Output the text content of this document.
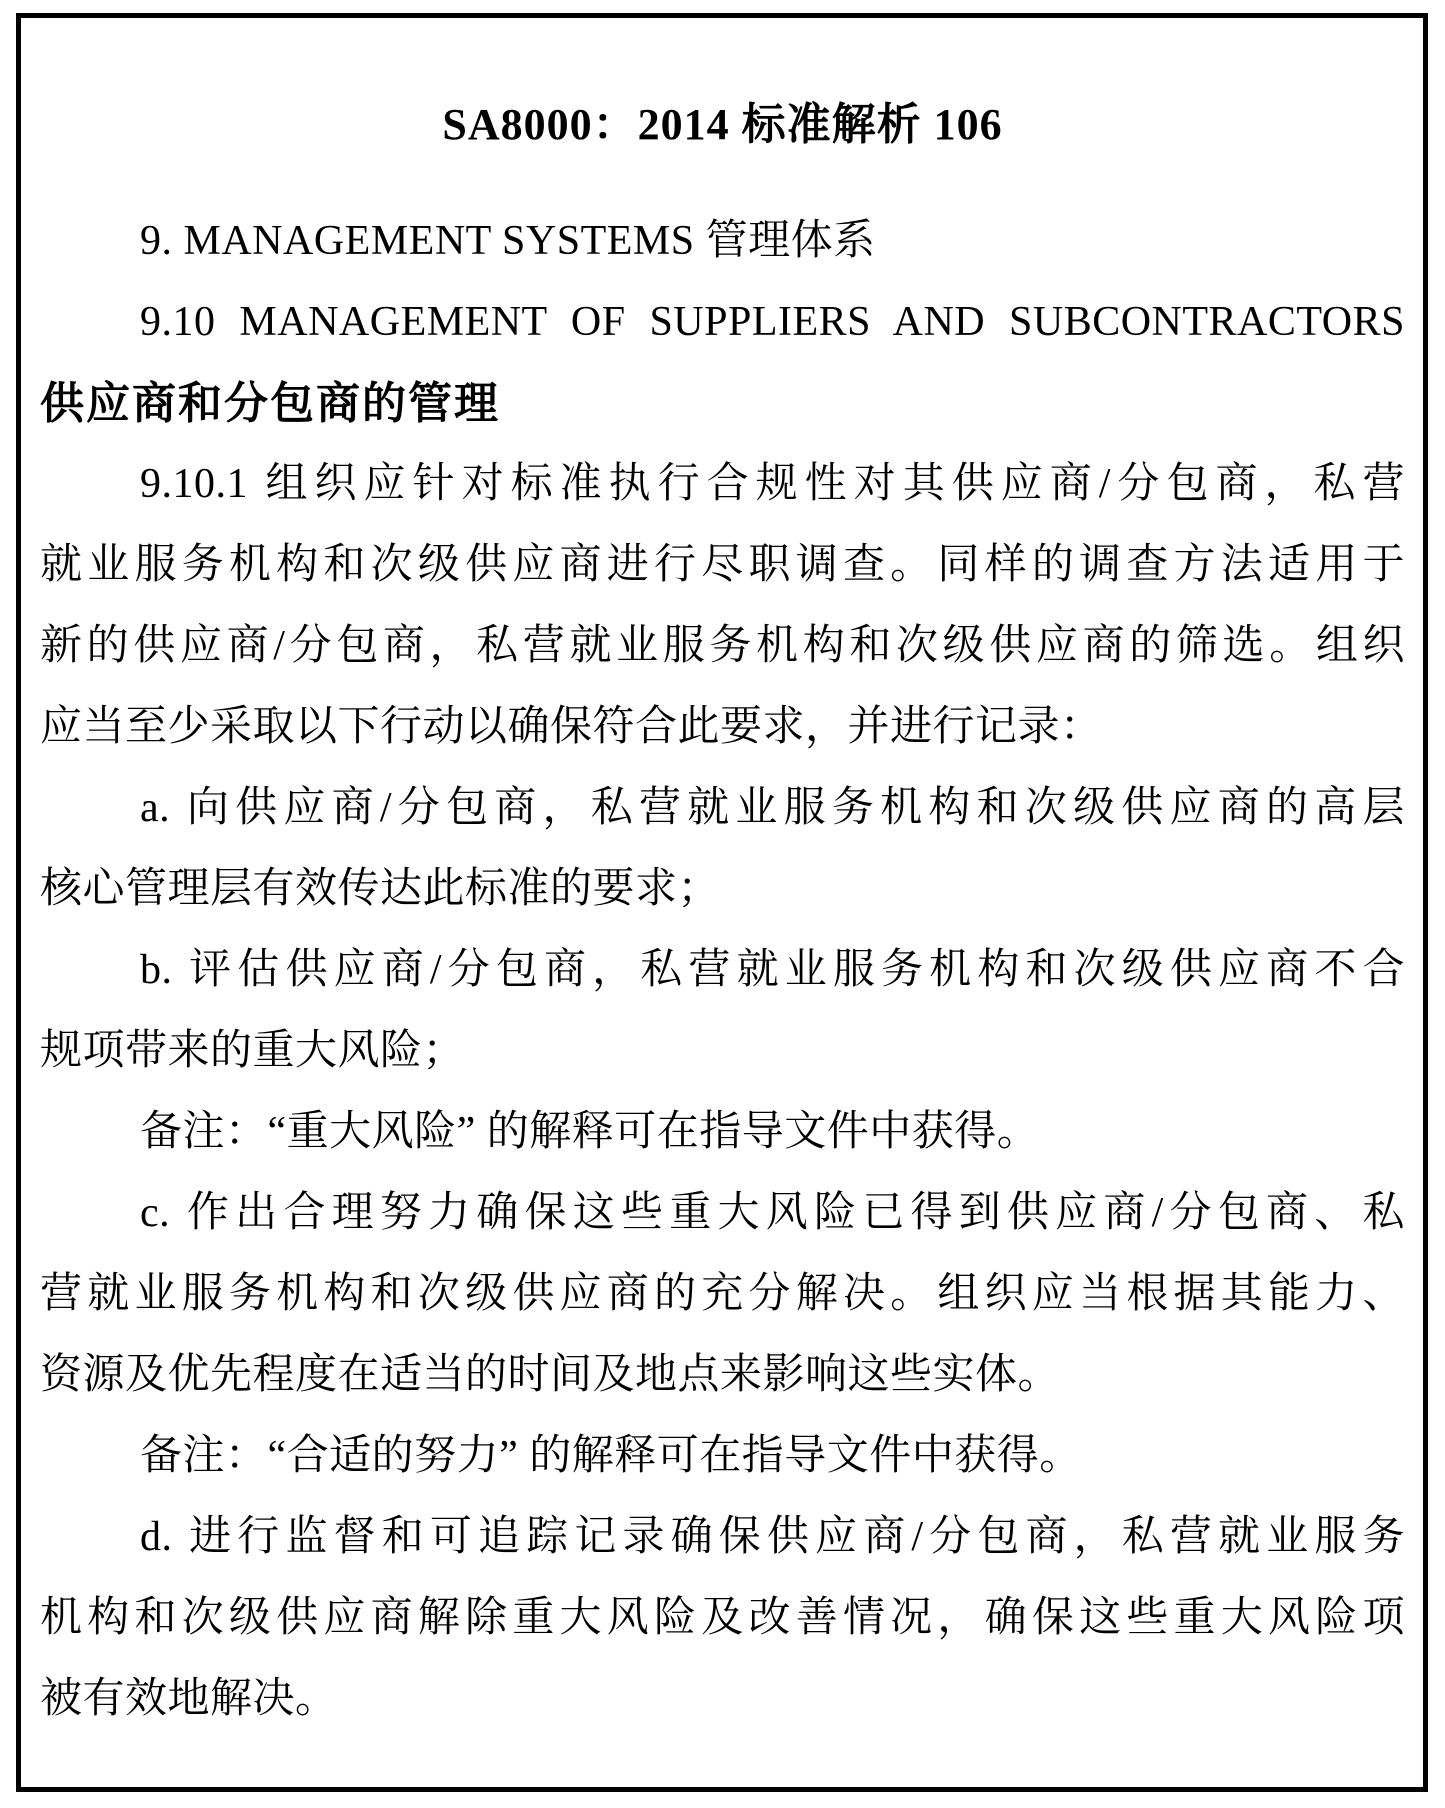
SA8000：2014 标准解析 106
9. MANAGEMENT SYSTEMS 管理体系
9.10 MANAGEMENT OF SUPPLIERS AND SUBCONTRACTORS
供应商和分包商的管理
9.10.1 组织应针对标准执行合规性对其供应商/分包商，私营
就业服务机构和次级供应商进行尽职调查。同样的调查方法适用于
新的供应商/分包商，私营就业服务机构和次级供应商的筛选。组织
应当至少采取以下行动以确保符合此要求，并进行记录：
a. 向供应商/分包商，私营就业服务机构和次级供应商的高层
核心管理层有效传达此标准的要求；
b. 评估供应商/分包商，私营就业服务机构和次级供应商不合
规项带来的重大风险；
备注：“重大风险” 的解释可在指导文件中获得。
c. 作出合理努力确保这些重大风险已得到供应商/分包商、私
营就业服务机构和次级供应商的充分解决。组织应当根据其能力、
资源及优先程度在适当的时间及地点来影响这些实体。
备注：“合适的努力” 的解释可在指导文件中获得。
d. 进行监督和可追踪记录确保供应商/分包商，私营就业服务
机构和次级供应商解除重大风险及改善情况，确保这些重大风险项
被有效地解决。
